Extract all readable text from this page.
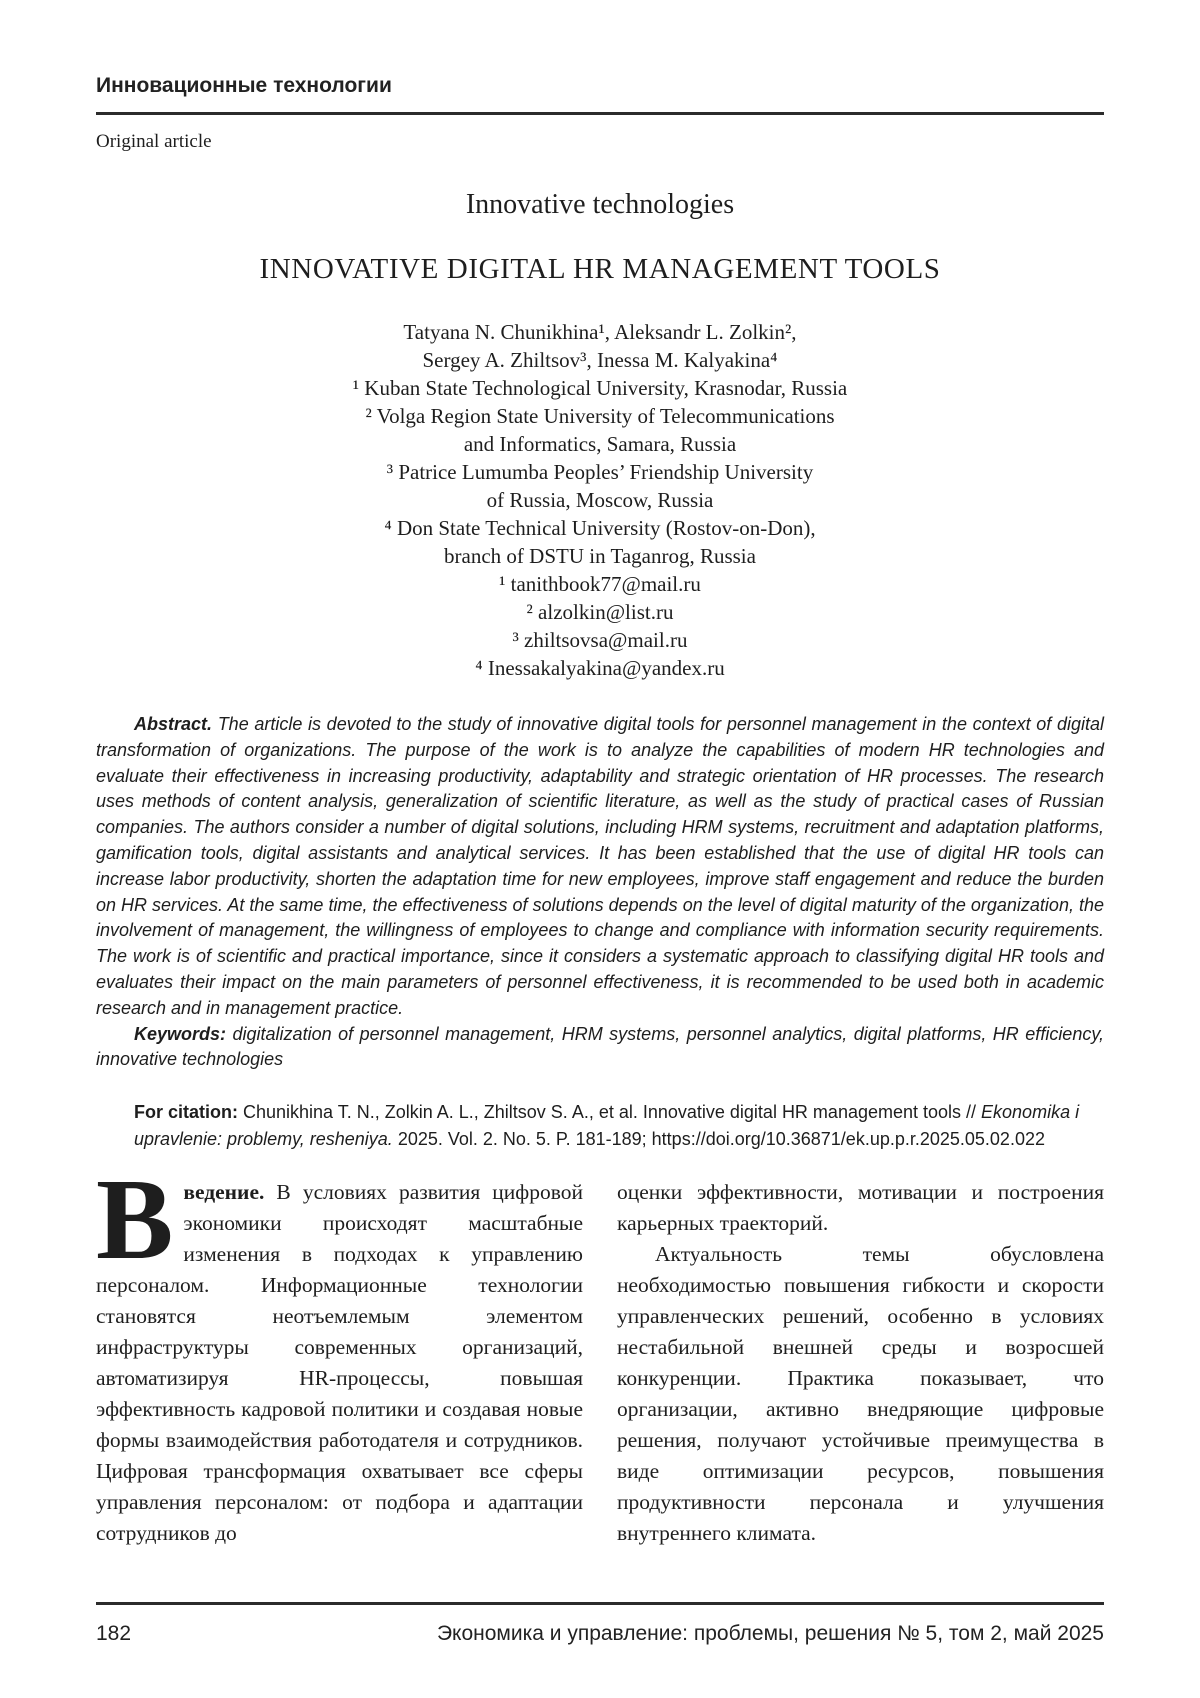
Инновационные технологии
Original article
Innovative technologies
INNOVATIVE DIGITAL HR MANAGEMENT TOOLS
Tatyana N. Chunikhina¹, Aleksandr L. Zolkin²,
Sergey A. Zhiltsov³, Inessa M. Kalyakina⁴
¹ Kuban State Technological University, Krasnodar, Russia
² Volga Region State University of Telecommunications
and Informatics, Samara, Russia
³ Patrice Lumumba Peoples’ Friendship University
of Russia, Moscow, Russia
⁴ Don State Technical University (Rostov-on-Don),
branch of DSTU in Taganrog, Russia
¹ tanithbook77@mail.ru
² alzolkin@list.ru
³ zhiltsovsa@mail.ru
⁴ Inessakalyakina@yandex.ru

Abstract. The article is devoted to the study of innovative digital tools for personnel management in the context of digital transformation of organizations. The purpose of the work is to analyze the capabilities of modern HR technologies and evaluate their effectiveness in increasing productivity, adaptability and strategic orientation of HR processes. The research uses methods of content analysis, generalization of scientific literature, as well as the study of practical cases of Russian companies. The authors consider a number of digital solutions, including HRM systems, recruitment and adaptation platforms, gamification tools, digital assistants and analytical services. It has been established that the use of digital HR tools can increase labor productivity, shorten the adaptation time for new employees, improve staff engagement and reduce the burden on HR services. At the same time, the effectiveness of solutions depends on the level of digital maturity of the organization, the involvement of management, the willingness of employees to change and compliance with information security requirements. The work is of scientific and practical importance, since it considers a systematic approach to classifying digital HR tools and evaluates their impact on the main parameters of personnel effectiveness, it is recommended to be used both in academic research and in management practice.

Keywords: digitalization of personnel management, HRM systems, personnel analytics, digital platforms, HR efficiency, innovative technologies

For citation: Chunikhina T. N., Zolkin A. L., Zhiltsov S. A., et al. Innovative digital HR management tools // Ekonomika i upravlenie: problemy, resheniya. 2025. Vol. 2. No. 5. P. 181-189; https://doi.org/10.36871/ek.up.p.r.2025.05.02.022
Введение. В условиях развития цифровой экономики происходят масштабные изменения в подходах к управлению персоналом. Информационные технологии становятся неотъемлемым элементом инфраструктуры современных организаций, автоматизируя HR-процессы, повышая эффективность кадровой политики и создавая новые формы взаимодействия работодателя и сотрудников. Цифровая трансформация охватывает все сферы управления персоналом: от подбора и адаптации сотрудников до

оценки эффективности, мотивации и построения карьерных траекторий.

Актуальность темы обусловлена необходимостью повышения гибкости и скорости управленческих решений, особенно в условиях нестабильной внешней среды и возросшей конкуренции. Практика показывает, что организации, активно внедряющие цифровые решения, получают устойчивые преимущества в виде оптимизации ресурсов, повышения продуктивности персонала и улучшения внутреннего климата.

182	Экономика и управление: проблемы, решения № 5, том 2, май 2025
